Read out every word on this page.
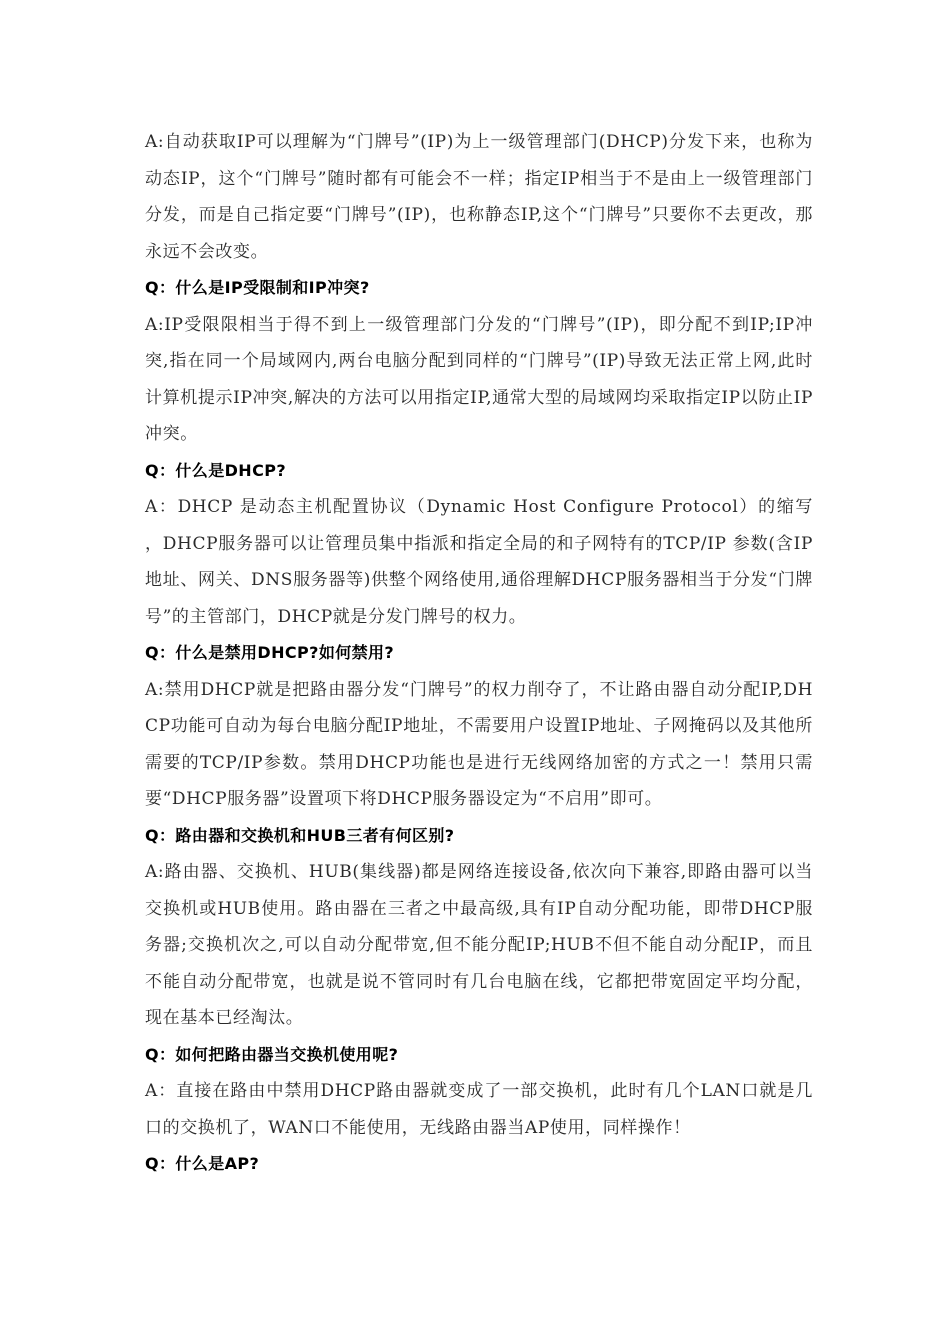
A:自动获取IP可以理解为“门牌号”(IP)为上一级管理部门(DHCP)分发下来，也称为动态IP，这个“门牌号”随时都有可能会不一样；指定IP相当于不是由上一级管理部门分发，而是自己指定要“门牌号”(IP)，也称静态IP,这个“门牌号”只要你不去更改，那永远不会改变。

Q：什么是IP受限制和IP冲突?

A:IP受限限相当于得不到上一级管理部门分发的“门牌号”(IP)，即分配不到IP;IP冲突,指在同一个局域网内,两台电脑分配到同样的“门牌号”(IP)导致无法正常上网,此时计算机提示IP冲突,解决的方法可以用指定IP,通常大型的局域网均采取指定IP以防止IP冲突。

Q：什么是DHCP?

A：DHCP 是动态主机配置协议（Dynamic Host Configure Protocol）的缩写 ，DHCP服务器可以让管理员集中指派和指定全局的和子网特有的TCP/IP 参数(含IP 地址、网关、DNS服务器等)供整个网络使用,通俗理解DHCP服务器相当于分发“门牌号”的主管部门，DHCP就是分发门牌号的权力。

Q：什么是禁用DHCP?如何禁用?

A:禁用DHCP就是把路由器分发“门牌号”的权力削夺了，不让路由器自动分配IP,DHCP功能可自动为每台电脑分配IP地址，不需要用户设置IP地址、子网掩码以及其他所需要的TCP/IP参数。禁用DHCP功能也是进行无线网络加密的方式之一！禁用只需要“DHCP服务器”设置项下将DHCP服务器设定为“不启用”即可。

Q：路由器和交换机和HUB三者有何区别?

A:路由器、交换机、HUB(集线器)都是网络连接设备,依次向下兼容,即路由器可以当交换机或HUB使用。路由器在三者之中最高级,具有IP自动分配功能，即带DHCP服务器;交换机次之,可以自动分配带宽,但不能分配IP;HUB不但不能自动分配IP，而且不能自动分配带宽，也就是说不管同时有几台电脑在线，它都把带宽固定平均分配，现在基本已经淘汰。

Q：如何把路由器当交换机使用呢?

A：直接在路由中禁用DHCP路由器就变成了一部交换机，此时有几个LAN口就是几口的交换机了，WAN口不能使用，无线路由器当AP使用，同样操作！

Q：什么是AP?
